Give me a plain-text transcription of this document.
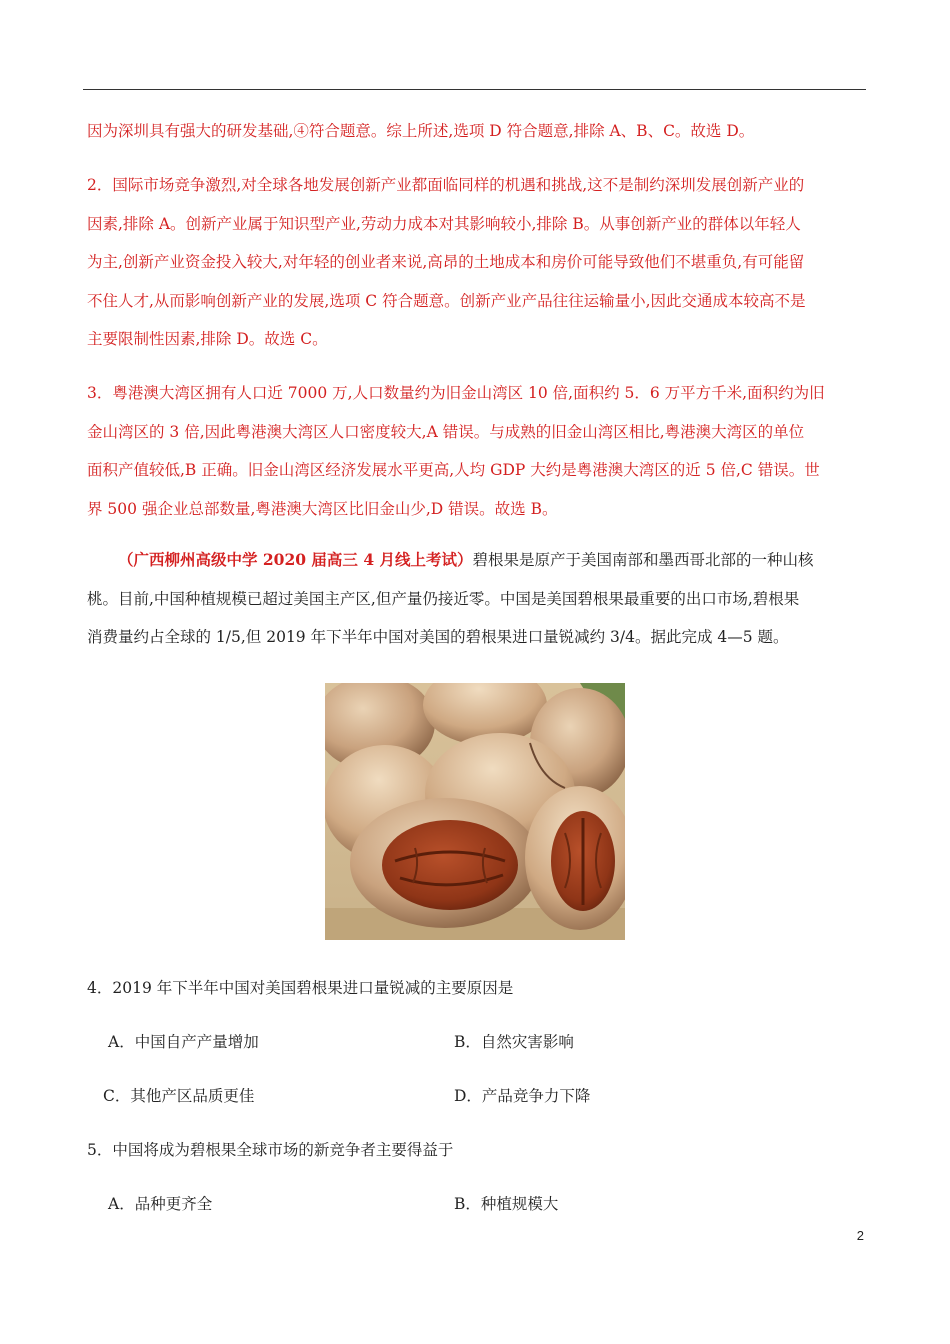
因为深圳具有强大的研发基础,④符合题意。综上所述,选项 D 符合题意,排除 A、B、C。故选 D。
2．国际市场竞争激烈,对全球各地发展创新产业都面临同样的机遇和挑战,这不是制约深圳发展创新产业的
因素,排除 A。创新产业属于知识型产业,劳动力成本对其影响较小,排除 B。从事创新产业的群体以年轻人
为主,创新产业资金投入较大,对年轻的创业者来说,高昂的土地成本和房价可能导致他们不堪重负,有可能留
不住人才,从而影响创新产业的发展,选项 C 符合题意。创新产业产品往往运输量小,因此交通成本较高不是
主要限制性因素,排除 D。故选 C。
3．粤港澳大湾区拥有人口近 7000 万,人口数量约为旧金山湾区 10 倍,面积约 5．6 万平方千米,面积约为旧
金山湾区的 3 倍,因此粤港澳大湾区人口密度较大,A 错误。与成熟的旧金山湾区相比,粤港澳大湾区的单位
面积产值较低,B 正确。旧金山湾区经济发展水平更高,人均 GDP 大约是粤港澳大湾区的近 5 倍,C 错误。世
界 500 强企业总部数量,粤港澳大湾区比旧金山少,D 错误。故选 B。
（广西柳州高级中学 2020 届高三 4 月线上考试）碧根果是原产于美国南部和墨西哥北部的一种山核
桃。目前,中国种植规模已超过美国主产区,但产量仍接近零。中国是美国碧根果最重要的出口市场,碧根果
消费量约占全球的 1/5,但 2019 年下半年中国对美国的碧根果进口量锐减约 3/4。据此完成 4—5 题。
4．2019 年下半年中国对美国碧根果进口量锐减的主要原因是
A．中国自产产量增加	B．自然灾害影响
C．其他产区品质更佳	D．产品竞争力下降
5．中国将成为碧根果全球市场的新竞争者主要得益于
A．品种更齐全	B．种植规模大
2
